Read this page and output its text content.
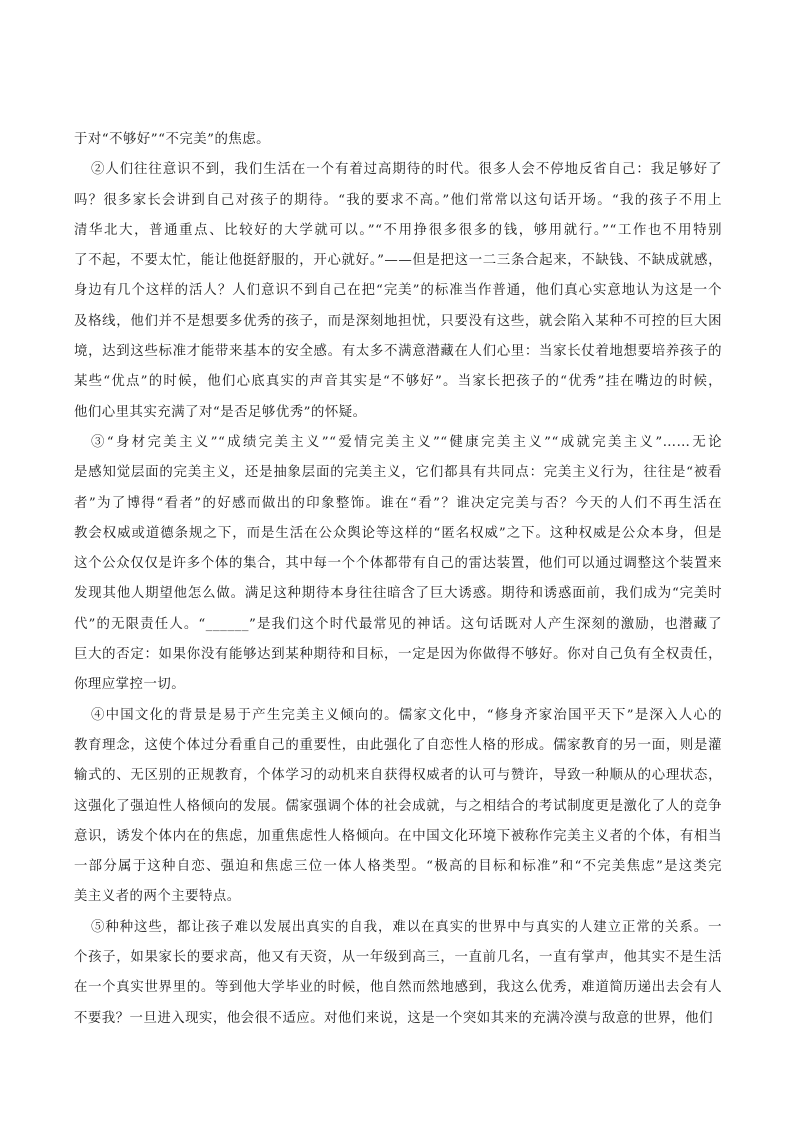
于对“不够好”“不完美”的焦虑。
②人们往往意识不到，我们生活在一个有着过高期待的时代。很多人会不停地反省自己：我足够好了
吗？很多家长会讲到自己对孩子的期待。“我的要求不高。”他们常常以这句话开场。“我的孩子不用上
清华北大，普通重点、比较好的大学就可以。”“不用挣很多很多的钱，够用就行。”“工作也不用特别
了不起，不要太忙，能让他挺舒服的，开心就好。”——但是把这一二三条合起来，不缺钱、不缺成就感，
身边有几个这样的活人？人们意识不到自己在把“完美”的标准当作普通，他们真心实意地认为这是一个
及格线，他们并不是想要多优秀的孩子，而是深刻地担忧，只要没有这些，就会陷入某种不可控的巨大困
境，达到这些标准才能带来基本的安全感。有太多不满意潜藏在人们心里：当家长仗着地想要培养孩子的
某些“优点”的时候，他们心底真实的声音其实是“不够好”。当家长把孩子的“优秀”挂在嘴边的时候，
他们心里其实充满了对“是否足够优秀”的怀疑。
③“身材完美主义”“成绩完美主义”“爱情完美主义”“健康完美主义”“成就完美主义”……无论
是感知觉层面的完美主义，还是抽象层面的完美主义，它们都具有共同点：完美主义行为，往往是“被看
者”为了博得“看者”的好感而做出的印象整饰。谁在“看”？谁决定完美与否？今天的人们不再生活在
教会权威或道德条规之下，而是生活在公众舆论等这样的“匿名权威”之下。这种权威是公众本身，但是
这个公众仅仅是许多个体的集合，其中每一个个体都带有自己的雷达装置，他们可以通过调整这个装置来
发现其他人期望他怎么做。满足这种期待本身往往暗含了巨大诱惑。期待和诱惑面前，我们成为“完美时
代”的无限责任人。“______”是我们这个时代最常见的神话。这句话既对人产生深刻的激励，也潜藏了
巨大的否定：如果你没有能够达到某种期待和目标，一定是因为你做得不够好。你对自己负有全权责任，
你理应掌控一切。
④中国文化的背景是易于产生完美主义倾向的。儒家文化中，“修身齐家治国平天下”是深入人心的
教育理念，这使个体过分看重自己的重要性，由此强化了自恋性人格的形成。儒家教育的另一面，则是灌
输式的、无区别的正规教育，个体学习的动机来自获得权威者的认可与赞许，导致一种顺从的心理状态，
这强化了强迫性人格倾向的发展。儒家强调个体的社会成就，与之相结合的考试制度更是激化了人的竞争
意识，诱发个体内在的焦虑，加重焦虑性人格倾向。在中国文化环境下被称作完美主义者的个体，有相当
一部分属于这种自恋、强迫和焦虑三位一体人格类型。“极高的目标和标准”和“不完美焦虑”是这类完
美主义者的两个主要特点。
⑤种种这些，都让孩子难以发展出真实的自我，难以在真实的世界中与真实的人建立正常的关系。一
个孩子，如果家长的要求高，他又有天资，从一年级到高三，一直前几名，一直有掌声，他其实不是生活
在一个真实世界里的。等到他大学毕业的时候，他自然而然地感到，我这么优秀，难道简历递出去会有人
不要我？一旦进入现实，他会很不适应。对他们来说，这是一个突如其来的充满冷漠与敌意的世界，他们
